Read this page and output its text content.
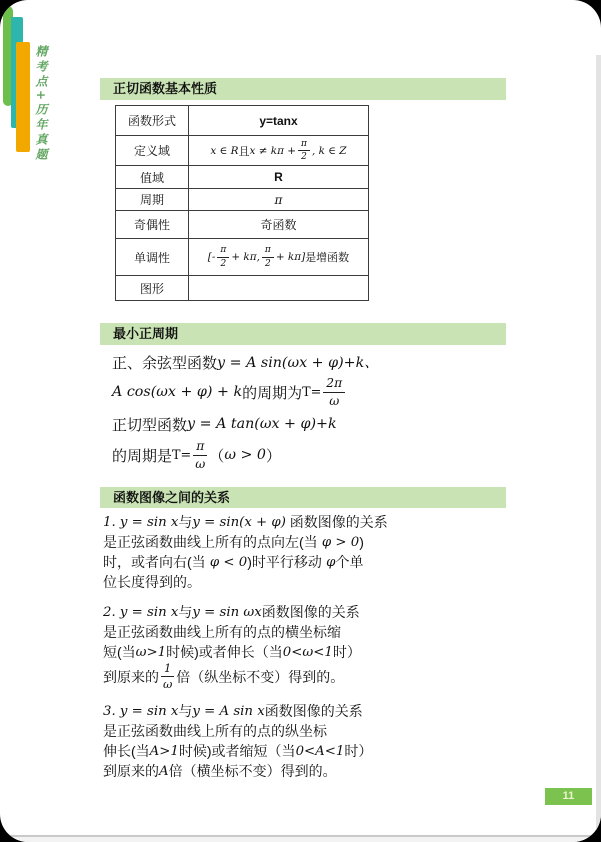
精考点+历年真题	正切函数基本性质
函数形式	y=tanx
定义域	x ∈ R 且 $x \ne k\pi + \frac{\pi}{2}$ , k ∈ Z

值域	R
周期	π
奇偶性	奇函数
单调性	[- $\frac{\pi}{2} + k\pi$, $\frac{\pi}{2} + k\pi$] 是增函数

图形	
最小正周期
正、余弦型函数 y = A sin(ωx + φ)+k、
A cos(ωx + φ) + k 的周期为 $T= \frac{2\pi}{\omega}$
正切型函数 y = A tan(ωx + φ)+k
的周期是 $T= \frac{\pi}{\omega}$ （ ω > 0 ）
函数图像之间的关系
1. y = sin x 与 y = sin(x + φ) 函数图像的关系
是正弦函数曲线上所有的点向左(当 φ > 0 )
时，或者向右(当 φ < 0 )时平行移动 φ 个单
位长度得到的。
2. y = sin x 与 y = sin ωx 函数图像的关系
是正弦函数曲线上所有的点的横坐标缩
短(当 ω>1 时候)或者伸长（当 0<ω<1 时）
到原来的 $\frac{1}{\omega}$ 倍（纵坐标不变）得到的。
3. y = sin x 与 y = A sin x 函数图像的关系
是正弦函数曲线上所有的点的纵坐标
伸长(当 A>1 时候)或者缩短（当 0<A<1 时）
到原来的 A 倍（横坐标不变）得到的。
11
